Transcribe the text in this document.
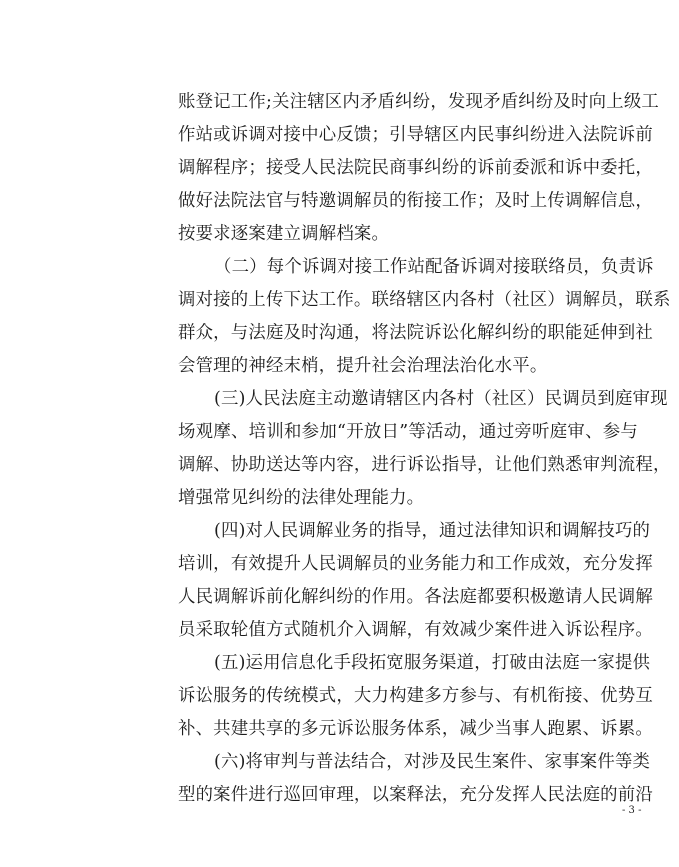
账登记工作;关注辖区内矛盾纠纷，发现矛盾纠纷及时向上级工

作站或诉调对接中心反馈；引导辖区内民事纠纷进入法院诉前

调解程序；接受人民法院民商事纠纷的诉前委派和诉中委托，

做好法院法官与特邀调解员的衔接工作；及时上传调解信息，

按要求逐案建立调解档案。

（二）每个诉调对接工作站配备诉调对接联络员，负责诉

调对接的上传下达工作。联络辖区内各村（社区）调解员，联系

群众，与法庭及时沟通，将法院诉讼化解纠纷的职能延伸到社

会管理的神经末梢，提升社会治理法治化水平。

(三)人民法庭主动邀请辖区内各村（社区）民调员到庭审现

场观摩、培训和参加“开放日”等活动，通过旁听庭审、参与

调解、协助送达等内容，进行诉讼指导，让他们熟悉审判流程，

增强常见纠纷的法律处理能力。

(四)对人民调解业务的指导，通过法律知识和调解技巧的

培训，有效提升人民调解员的业务能力和工作成效，充分发挥

人民调解诉前化解纠纷的作用。各法庭都要积极邀请人民调解

员采取轮值方式随机介入调解，有效减少案件进入诉讼程序。

(五)运用信息化手段拓宽服务渠道，打破由法庭一家提供

诉讼服务的传统模式，大力构建多方参与、有机衔接、优势互

补、共建共享的多元诉讼服务体系，减少当事人跑累、诉累。

(六)将审判与普法结合，对涉及民生案件、家事案件等类

型的案件进行巡回审理，以案释法，充分发挥人民法庭的前沿

- 3 -
